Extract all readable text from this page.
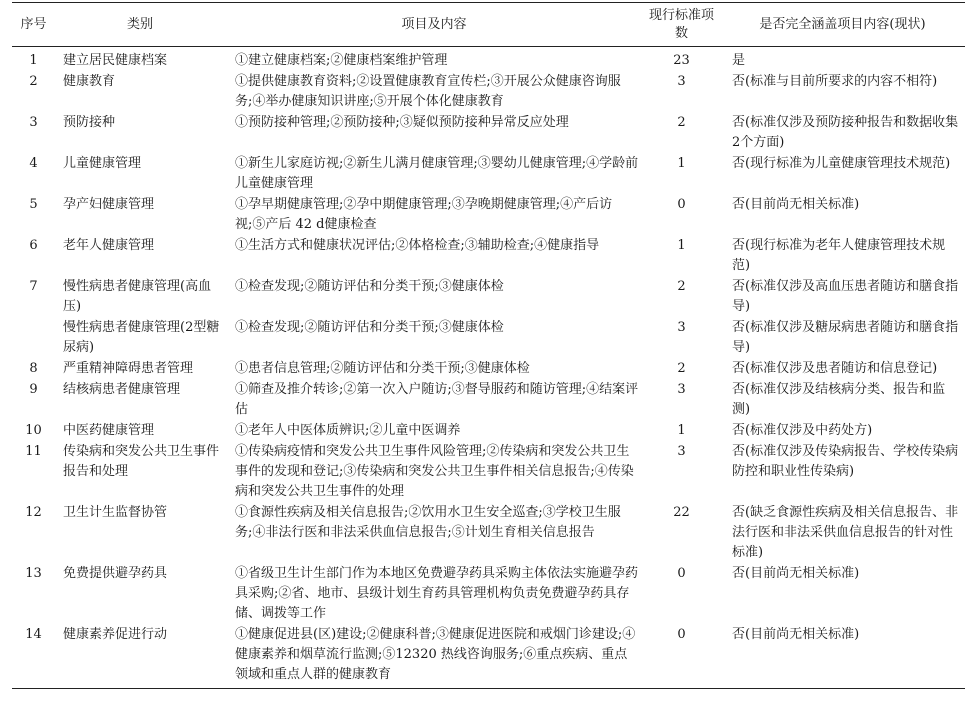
序号	类别	项目及内容	现行标准项数	是否完全涵盖项目内容(现状)
1	建立居民健康档案	①建立健康档案;②健康档案维护管理	23	是
2	健康教育	①提供健康教育资料;②设置健康教育宣传栏;③开展公众健康咨询服务;④举办健康知识讲座;⑤开展个体化健康教育	3	否(标准与目前所要求的内容不相符)
3	预防接种	①预防接种管理;②预防接种;③疑似预防接种异常反应处理	2	否(标准仅涉及预防接种报告和数据收集2个方面)
4	儿童健康管理	①新生儿家庭访视;②新生儿满月健康管理;③婴幼儿健康管理;④学龄前儿童健康管理	1	否(现行标准为儿童健康管理技术规范)
5	孕产妇健康管理	①孕早期健康管理;②孕中期健康管理;③孕晚期健康管理;④产后访视;⑤产后 42 d健康检查	0	否(目前尚无相关标准)
6	老年人健康管理	①生活方式和健康状况评估;②体格检查;③辅助检查;④健康指导	1	否(现行标准为老年人健康管理技术规范)
7	慢性病患者健康管理(高血压)	①检查发现;②随访评估和分类干预;③健康体检	2	否(标准仅涉及高血压患者随访和膳食指导)
	慢性病患者健康管理(2型糖尿病)	①检查发现;②随访评估和分类干预;③健康体检	3	否(标准仅涉及糖尿病患者随访和膳食指导)
8	严重精神障碍患者管理	①患者信息管理;②随访评估和分类干预;③健康体检	2	否(标准仅涉及患者随访和信息登记)
9	结核病患者健康管理	①筛查及推介转诊;②第一次入户随访;③督导服药和随访管理;④结案评估	3	否(标准仅涉及结核病分类、报告和监测)
10	中医药健康管理	①老年人中医体质辨识;②儿童中医调养	1	否(标准仅涉及中药处方)
11	传染病和突发公共卫生事件报告和处理	①传染病疫情和突发公共卫生事件风险管理;②传染病和突发公共卫生事件的发现和登记;③传染病和突发公共卫生事件相关信息报告;④传染病和突发公共卫生事件的处理	3	否(标准仅涉及传染病报告、学校传染病防控和职业性传染病)
12	卫生计生监督协管	①食源性疾病及相关信息报告;②饮用水卫生安全巡查;③学校卫生服务;④非法行医和非法采供血信息报告;⑤计划生育相关信息报告	22	否(缺乏食源性疾病及相关信息报告、非法行医和非法采供血信息报告的针对性标准)
13	免费提供避孕药具	①省级卫生计生部门作为本地区免费避孕药具采购主体依法实施避孕药具采购;②省、地市、县级计划生育药具管理机构负责免费避孕药具存储、调拨等工作	0	否(目前尚无相关标准)
14	健康素养促进行动	①健康促进县(区)建设;②健康科普;③健康促进医院和戒烟门诊建设;④健康素养和烟草流行监测;⑤12320 热线咨询服务;⑥重点疾病、重点领域和重点人群的健康教育	0	否(目前尚无相关标准)
